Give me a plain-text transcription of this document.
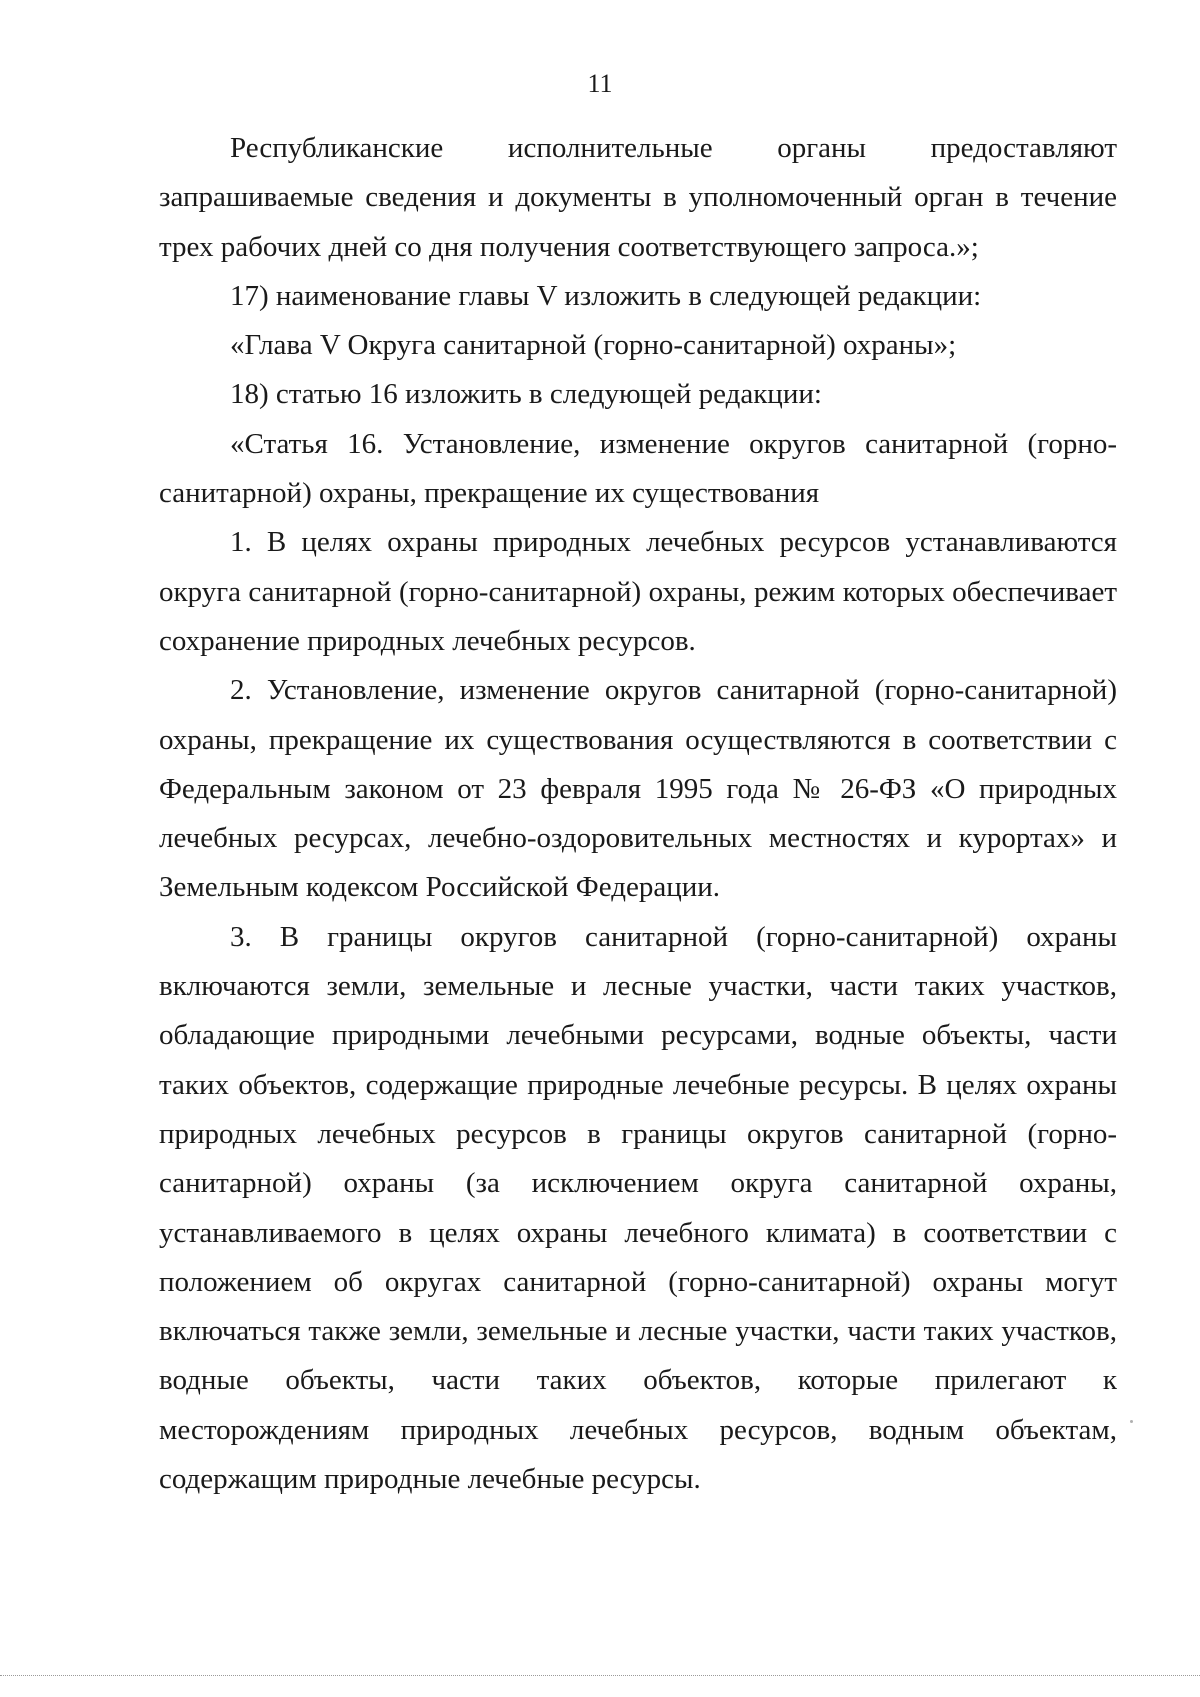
11

Республиканские исполнительные органы предоставляют запрашиваемые сведения и документы в уполномоченный орган в течение трех рабочих дней со дня получения соответствующего запроса.»;

17) наименование главы V изложить в следующей редакции:

«Глава V Округа санитарной (горно-санитарной) охраны»;

18) статью 16 изложить в следующей редакции:

«Статья 16. Установление, изменение округов санитарной (горно-санитарной) охраны, прекращение их существования

1. В целях охраны природных лечебных ресурсов устанавливаются округа санитарной (горно-санитарной) охраны, режим которых обеспечивает сохранение природных лечебных ресурсов.

2. Установление, изменение округов санитарной (горно-санитарной) охраны, прекращение их существования осуществляются в соответствии с Федеральным законом от 23 февраля 1995 года № 26-ФЗ «О природных лечебных ресурсах, лечебно-оздоровительных местностях и курортах» и Земельным кодексом Российской Федерации.

3. В границы округов санитарной (горно-санитарной) охраны включаются земли, земельные и лесные участки, части таких участков, обладающие природными лечебными ресурсами, водные объекты, части таких объектов, содержащие природные лечебные ресурсы. В целях охраны природных лечебных ресурсов в границы округов санитарной (горно-санитарной) охраны (за исключением округа санитарной охраны, устанавливаемого в целях охраны лечебного климата) в соответствии с положением об округах санитарной (горно-санитарной) охраны могут включаться также земли, земельные и лесные участки, части таких участков, водные объекты, части таких объектов, которые прилегают к месторождениям природных лечебных ресурсов, водным объектам, содержащим природные лечебные ресурсы.
